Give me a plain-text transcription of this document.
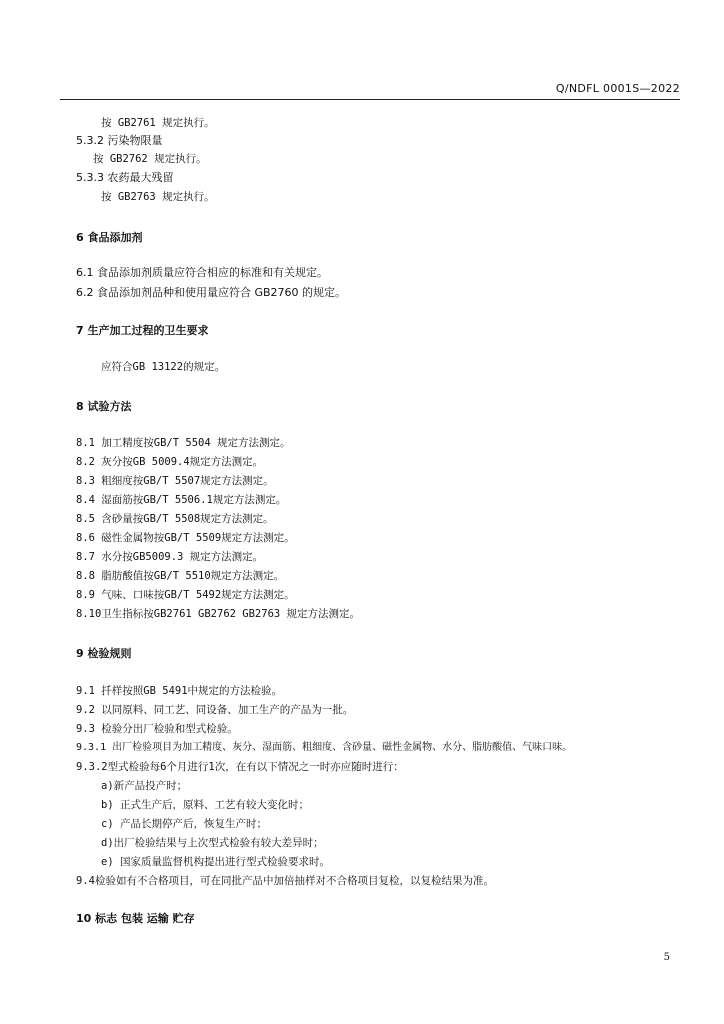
Q/NDFL 0001S—2022
按 GB2761 规定执行。
5.3.2 污染物限量
按 GB2762 规定执行。
5.3.3 农药最大残留
按 GB2763 规定执行。
6 食品添加剂
6.1 食品添加剂质量应符合相应的标准和有关规定。
6.2 食品添加剂品种和使用量应符合 GB2760 的规定。
7 生产加工过程的卫生要求
应符合GB 13122的规定。
8 试验方法
8.1 加工精度按GB/T 5504 规定方法测定。
8.2 灰分按GB 5009.4规定方法测定。
8.3 粗细度按GB/T 5507规定方法测定。
8.4 湿面筋按GB/T 5506.1规定方法测定。
8.5 含砂量按GB/T 5508规定方法测定。
8.6 磁性金属物按GB/T 5509规定方法测定。
8.7 水分按GB5009.3 规定方法测定。
8.8 脂肪酸值按GB/T 5510规定方法测定。
8.9 气味、口味按GB/T 5492规定方法测定。
8.10卫生指标按GB2761 GB2762 GB2763 规定方法测定。
9 检验规则
9.1 扦样按照GB 5491中规定的方法检验。
9.2 以同原料、同工艺、同设备、加工生产的产品为一批。
9.3 检验分出厂检验和型式检验。
9.3.1 出厂检验项目为加工精度、灰分、湿面筋、粗细度、含砂量、磁性金属物、水分、脂肪酸值、气味口味。
9.3.2型式检验每6个月进行1次，在有以下情况之一时亦应随时进行：
a)新产品投产时；
b) 正式生产后，原料、工艺有较大变化时；
c) 产品长期停产后，恢复生产时；
d)出厂检验结果与上次型式检验有较大差异时；
e) 国家质量监督机构提出进行型式检验要求时。
9.4检验如有不合格项目，可在同批产品中加倍抽样对不合格项目复检，以复检结果为准。
10 标志 包装 运输 贮存
5
